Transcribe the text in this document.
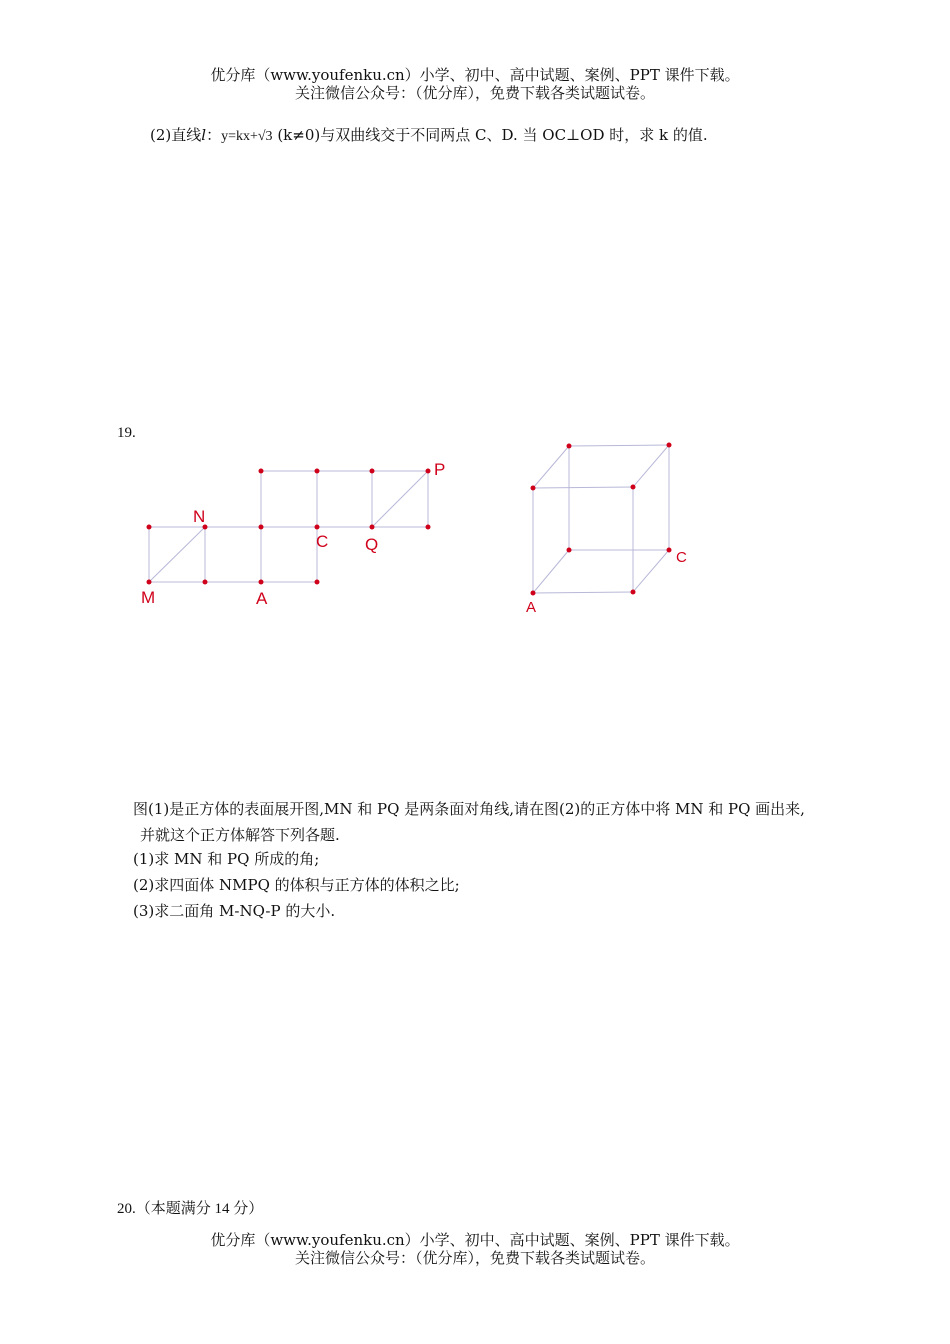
优分库（www.youfenku.cn）小学、初中、高中试题、案例、PPT 课件下载。
关注微信公众号：（优分库），免费下载各类试题试卷。
(2)直线l：y=kx+√3 (k≠0)与双曲线交于不同两点 C、D. 当 OC⊥OD 时，求 k 的值.
19.
N
P
C Q
M	A
C
A
图(1)是正方体的表面展开图,MN 和 PQ 是两条面对角线,请在图(2)的正方体中将 MN 和 PQ 画出来,
并就这个正方体解答下列各题.
(1)求 MN 和 PQ 所成的角;
(2)求四面体 NMPQ 的体积与正方体的体积之比;
(3)求二面角 M-NQ-P 的大小.
20.（本题满分 14 分）
优分库（www.youfenku.cn）小学、初中、高中试题、案例、PPT 课件下载。
关注微信公众号：（优分库），免费下载各类试题试卷。
